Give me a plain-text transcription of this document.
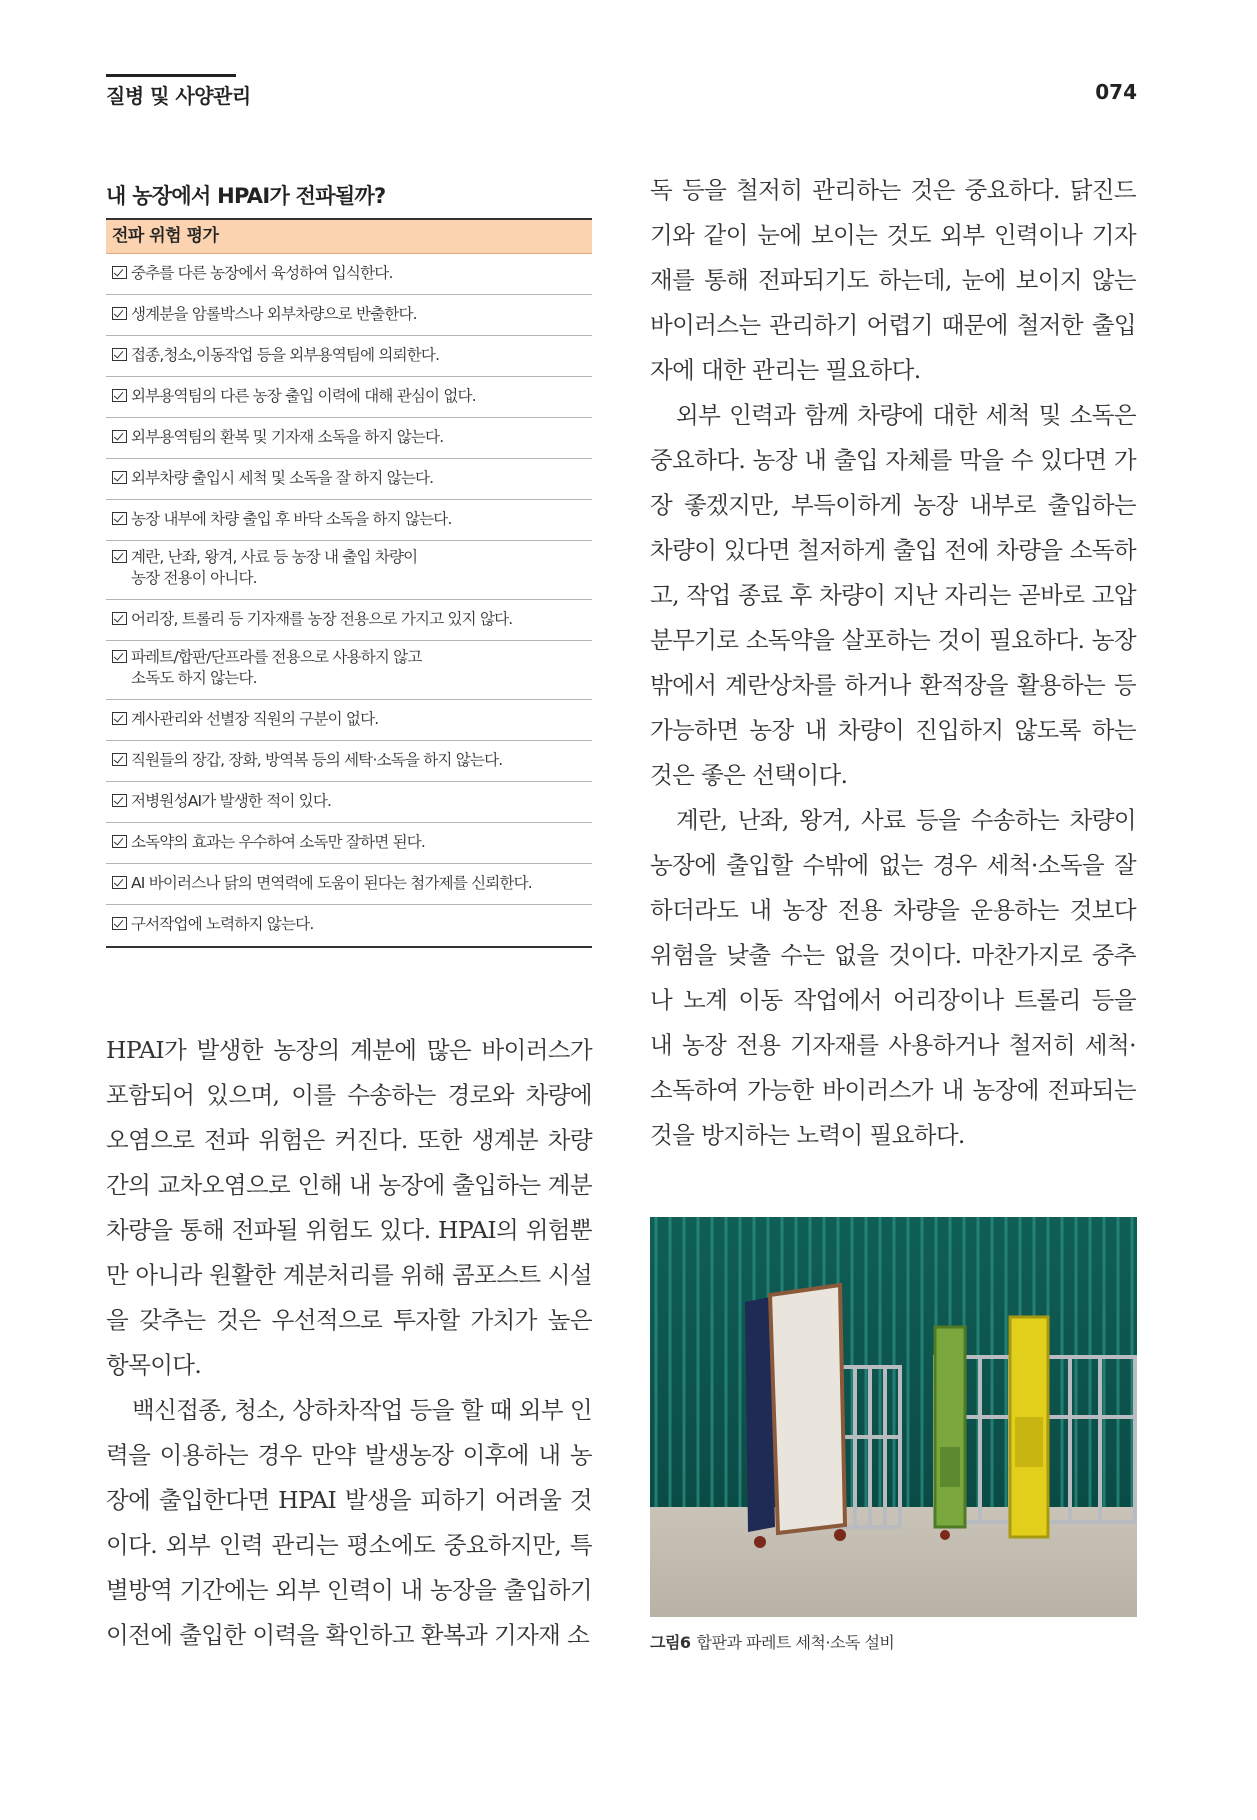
질병 및 사양관리	074
내 농장에서 HPAI가 전파될까?
전파 위험 평가
중추를 다른 농장에서 육성하여 입식한다.
생계분을 암롤박스나 외부차량으로 반출한다.
접종,청소,이동작업 등을 외부용역팀에 의뢰한다.
외부용역팀의 다른 농장 출입 이력에 대해 관심이 없다.
외부용역팀의 환복 및 기자재 소독을 하지 않는다.
외부차량 출입시 세척 및 소독을 잘 하지 않는다.
농장 내부에 차량 출입 후 바닥 소독을 하지 않는다.
계란, 난좌, 왕겨, 사료 등 농장 내 출입 차량이
농장 전용이 아니다.
어리장, 트롤리 등 기자재를 농장 전용으로 가지고 있지 않다.
파레트/합판/단프라를 전용으로 사용하지 않고
소독도 하지 않는다.
계사관리와 선별장 직원의 구분이 없다.
직원들의 장갑, 장화, 방역복 등의 세탁·소독을 하지 않는다.
저병원성AI가 발생한 적이 있다.
소독약의 효과는 우수하여 소독만 잘하면 된다.
AI 바이러스나 닭의 면역력에 도움이 된다는 첨가제를 신뢰한다.
구서작업에 노력하지 않는다.

HPAI가 발생한 농장의 계분에 많은 바이러스가 포함되어 있으며, 이를 수송하는 경로와 차량에 오염으로 전파 위험은 커진다. 또한 생계분 차량 간의 교차오염으로 인해 내 농장에 출입하는 계분 차량을 통해 전파될 위험도 있다. HPAI의 위험뿐만 아니라 원활한 계분처리를 위해 콤포스트 시설을 갖추는 것은 우선적으로 투자할 가치가 높은 항목이다.

백신접종, 청소, 상하차작업 등을 할 때 외부 인력을 이용하는 경우 만약 발생농장 이후에 내 농장에 출입한다면 HPAI 발생을 피하기 어려울 것이다. 외부 인력 관리는 평소에도 중요하지만, 특별방역 기간에는 외부 인력이 내 농장을 출입하기 이전에 출입한 이력을 확인하고 환복과 기자재 소

독 등을 철저히 관리하는 것은 중요하다. 닭진드기와 같이 눈에 보이는 것도 외부 인력이나 기자재를 통해 전파되기도 하는데, 눈에 보이지 않는 바이러스는 관리하기 어렵기 때문에 철저한 출입자에 대한 관리는 필요하다.

외부 인력과 함께 차량에 대한 세척 및 소독은 중요하다. 농장 내 출입 자체를 막을 수 있다면 가장 좋겠지만, 부득이하게 농장 내부로 출입하는 차량이 있다면 철저하게 출입 전에 차량을 소독하고, 작업 종료 후 차량이 지난 자리는 곧바로 고압분무기로 소독약을 살포하는 것이 필요하다. 농장 밖에서 계란상차를 하거나 환적장을 활용하는 등 가능하면 농장 내 차량이 진입하지 않도록 하는 것은 좋은 선택이다.

계란, 난좌, 왕겨, 사료 등을 수송하는 차량이 농장에 출입할 수밖에 없는 경우 세척·소독을 잘 하더라도 내 농장 전용 차량을 운용하는 것보다 위험을 낮출 수는 없을 것이다. 마찬가지로 중추나 노계 이동 작업에서 어리장이나 트롤리 등을 내 농장 전용 기자재를 사용하거나 철저히 세척·소독하여 가능한 바이러스가 내 농장에 전파되는 것을 방지하는 노력이 필요하다.

그림6 합판과 파레트 세척·소독 설비
